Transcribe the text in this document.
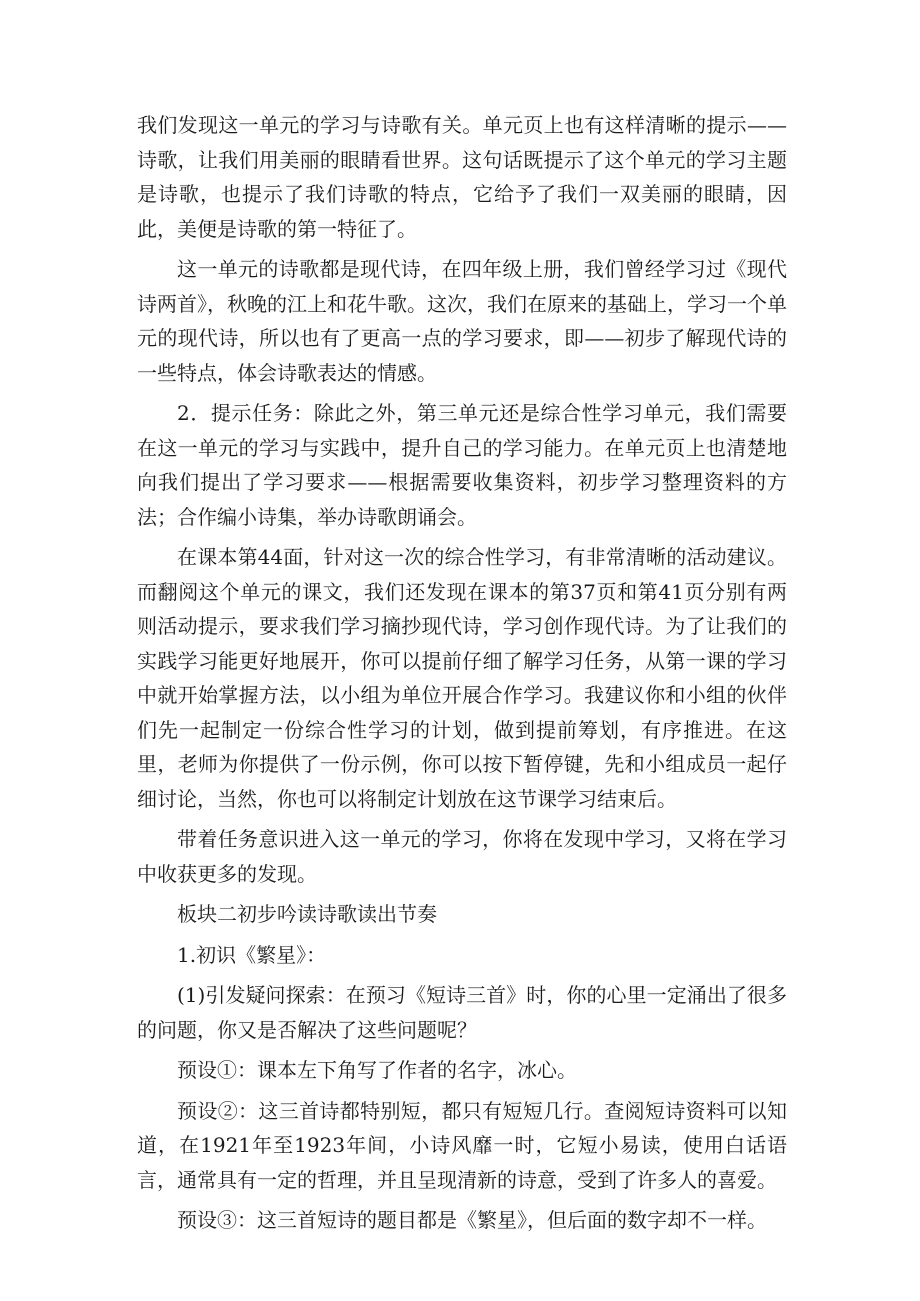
我们发现这一单元的学习与诗歌有关。单元页上也有这样清晰的提示——诗歌，让我们用美丽的眼睛看世界。这句话既提示了这个单元的学习主题是诗歌，也提示了我们诗歌的特点，它给予了我们一双美丽的眼睛，因此，美便是诗歌的第一特征了。

这一单元的诗歌都是现代诗，在四年级上册，我们曾经学习过《现代诗两首》，秋晚的江上和花牛歌。这次，我们在原来的基础上，学习一个单元的现代诗，所以也有了更高一点的学习要求，即——初步了解现代诗的一些特点，体会诗歌表达的情感。

2．提示任务：除此之外，第三单元还是综合性学习单元，我们需要在这一单元的学习与实践中，提升自己的学习能力。在单元页上也清楚地向我们提出了学习要求——根据需要收集资料，初步学习整理资料的方法；合作编小诗集，举办诗歌朗诵会。

在课本第44面，针对这一次的综合性学习，有非常清晰的活动建议。而翻阅这个单元的课文，我们还发现在课本的第37页和第41页分别有两则活动提示，要求我们学习摘抄现代诗，学习创作现代诗。为了让我们的实践学习能更好地展开，你可以提前仔细了解学习任务，从第一课的学习中就开始掌握方法，以小组为单位开展合作学习。我建议你和小组的伙伴们先一起制定一份综合性学习的计划，做到提前筹划，有序推进。在这里，老师为你提供了一份示例，你可以按下暂停键，先和小组成员一起仔细讨论，当然，你也可以将制定计划放在这节课学习结束后。

带着任务意识进入这一单元的学习，你将在发现中学习，又将在学习中收获更多的发现。

板块二初步吟读诗歌读出节奏

1.初识《繁星》：

(1)引发疑问探索：在预习《短诗三首》时，你的心里一定涌出了很多的问题，你又是否解决了这些问题呢？

预设①：课本左下角写了作者的名字，冰心。

预设②：这三首诗都特别短，都只有短短几行。查阅短诗资料可以知道，在1921年至1923年间，小诗风靡一时，它短小易读，使用白话语言，通常具有一定的哲理，并且呈现清新的诗意，受到了许多人的喜爱。

预设③：这三首短诗的题目都是《繁星》，但后面的数字却不一样。
